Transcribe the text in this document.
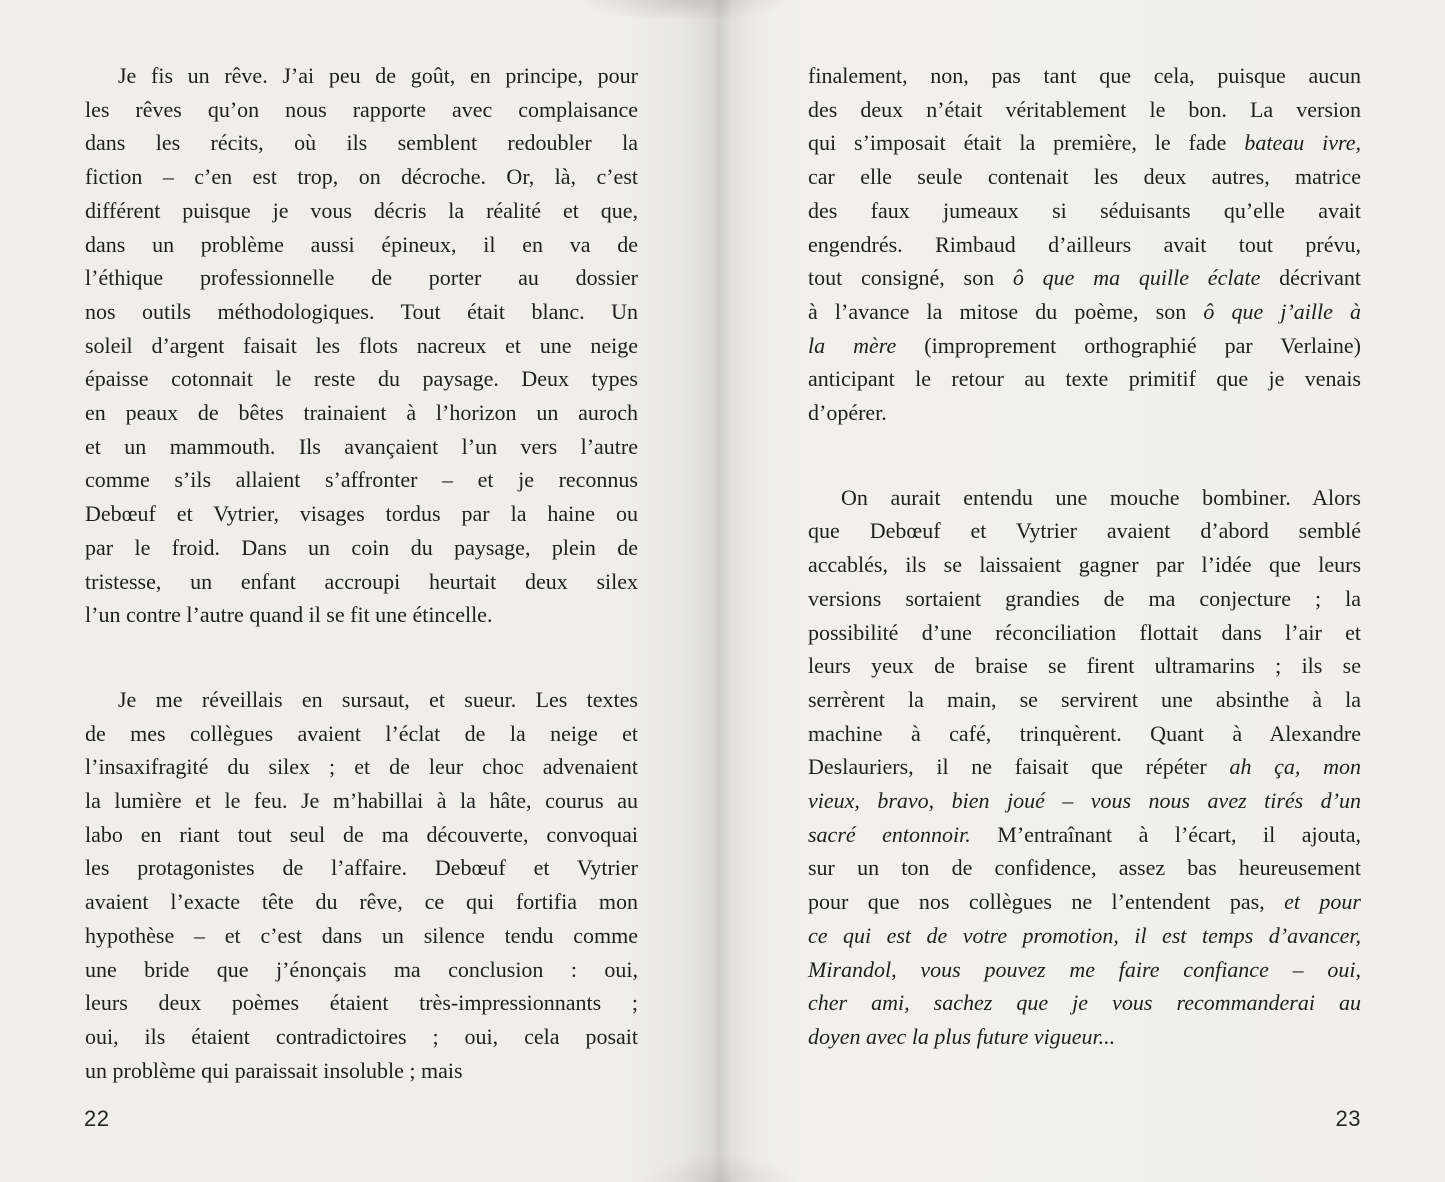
Je fis un rêve. J’ai peu de goût, en principe, pour
les rêves qu’on nous rapporte avec complaisance
dans les récits, où ils semblent redoubler la
fiction – c’en est trop, on décroche. Or, là, c’est
différent puisque je vous décris la réalité et que,
dans un problème aussi épineux, il en va de
l’éthique professionnelle de porter au dossier
nos outils méthodologiques. Tout était blanc. Un
soleil d’argent faisait les flots nacreux et une neige
épaisse cotonnait le reste du paysage. Deux types
en peaux de bêtes trainaient à l’horizon un auroch
et un mammouth. Ils avançaient l’un vers l’autre
comme s’ils allaient s’affronter – et je reconnus
Debœuf et Vytrier, visages tordus par la haine ou
par le froid. Dans un coin du paysage, plein de
tristesse, un enfant accroupi heurtait deux silex
l’un contre l’autre quand il se fit une étincelle.
Je me réveillais en sursaut, et sueur. Les textes
de mes collègues avaient l’éclat de la neige et
l’insaxifragité du silex ; et de leur choc advenaient
la lumière et le feu. Je m’habillai à la hâte, courus au
labo en riant tout seul de ma découverte, convoquai
les protagonistes de l’affaire. Debœuf et Vytrier
avaient l’exacte tête du rêve, ce qui fortifia mon
hypothèse – et c’est dans un silence tendu comme
une bride que j’énonçais ma conclusion : oui,
leurs deux poèmes étaient très-impressionnants ;
oui, ils étaient contradictoires ; oui, cela posait
un problème qui paraissait insoluble ; mais
finalement, non, pas tant que cela, puisque aucun
des deux n’était véritablement le bon. La version
qui s’imposait était la première, le fade bateau ivre,
car elle seule contenait les deux autres, matrice
des faux jumeaux si séduisants qu’elle avait
engendrés. Rimbaud d’ailleurs avait tout prévu,
tout consigné, son ô que ma quille éclate décrivant
à l’avance la mitose du poème, son ô que j’aille à
la mère (improprement orthographié par Verlaine)
anticipant le retour au texte primitif que je venais
d’opérer.
On aurait entendu une mouche bombiner. Alors
que Debœuf et Vytrier avaient d’abord semblé
accablés, ils se laissaient gagner par l’idée que leurs
versions sortaient grandies de ma conjecture ; la
possibilité d’une réconciliation flottait dans l’air et
leurs yeux de braise se firent ultramarins ; ils se
serrèrent la main, se servirent une absinthe à la
machine à café, trinquèrent. Quant à Alexandre
Deslauriers, il ne faisait que répéter ah ça, mon
vieux, bravo, bien joué – vous nous avez tirés d’un
sacré entonnoir. M’entraînant à l’écart, il ajouta,
sur un ton de confidence, assez bas heureusement
pour que nos collègues ne l’entendent pas, et pour
ce qui est de votre promotion, il est temps d’avancer,
Mirandol, vous pouvez me faire confiance – oui,
cher ami, sachez que je vous recommanderai au
doyen avec la plus future vigueur...
22	23
